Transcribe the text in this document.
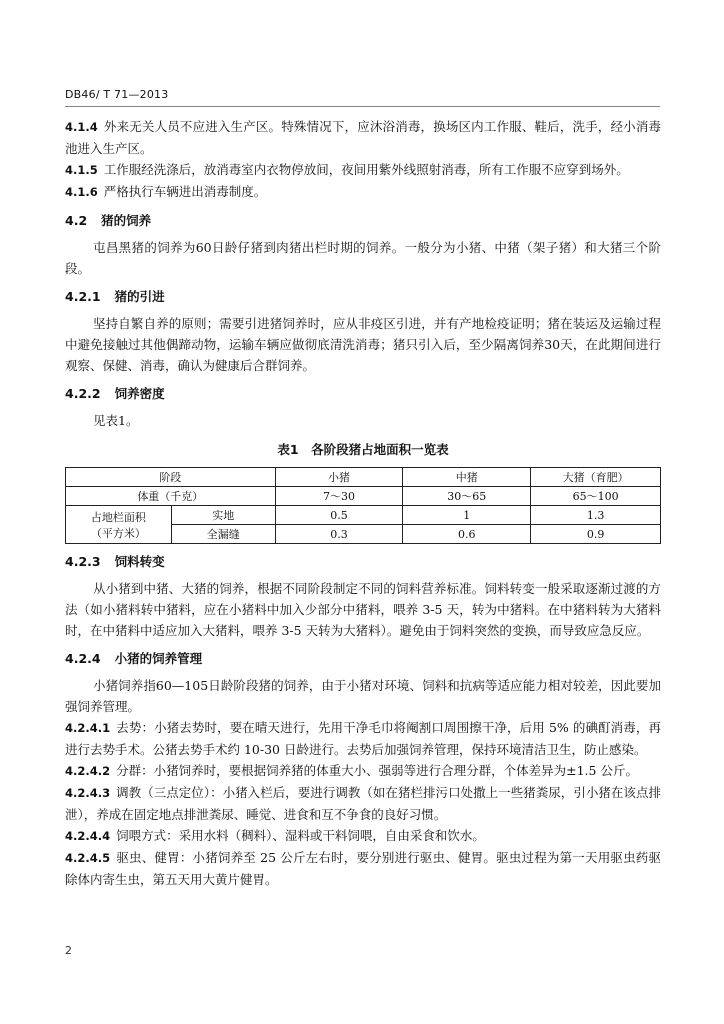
DB46/ T 71—2013

4.1.4 外来无关人员不应进入生产区。特殊情况下，应沐浴消毒，换场区内工作服、鞋后，洗手，经小消毒池进入生产区。

4.1.5 工作服经洗涤后，放消毒室内衣物停放间，夜间用紫外线照射消毒，所有工作服不应穿到场外。

4.1.6 严格执行车辆进出消毒制度。

4.2 猪的饲养

屯昌黑猪的饲养为60日龄仔猪到肉猪出栏时期的饲养。一般分为小猪、中猪（架子猪）和大猪三个阶段。

4.2.1 猪的引进

坚持自繁自养的原则；需要引进猪饲养时，应从非疫区引进，并有产地检疫证明；猪在装运及运输过程中避免接触过其他偶蹄动物，运输车辆应做彻底清洗消毒；猪只引入后，至少隔离饲养30天，在此期间进行观察、保健、消毒，确认为健康后合群饲养。

4.2.2 饲养密度

见表1。

表1　各阶段猪占地面积一览表
阶段		小猪	中猪	大猪（育肥）
体重（千克）		7～30	30～65	65～100

占地栏面积
（平方米）	实地	0.5	1	1.3
	全漏缝	0.3	0.6	0.9
4.2.3 饲料转变

从小猪到中猪、大猪的饲养，根据不同阶段制定不同的饲料营养标准。饲料转变一般采取逐渐过渡的方法（如小猪料转中猪料，应在小猪料中加入少部分中猪料，喂养 3-5 天，转为中猪料。在中猪料转为大猪料时，在中猪料中适应加入大猪料，喂养 3-5 天转为大猪料）。避免由于饲料突然的变换，而导致应急反应。

4.2.4 小猪的饲养管理

小猪饲养指60—105日龄阶段猪的饲养，由于小猪对环境、饲料和抗病等适应能力相对较差，因此要加强饲养管理。

4.2.4.1 去势：小猪去势时，要在晴天进行，先用干净毛巾将阉割口周围擦干净，后用 5% 的碘酊消毒，再进行去势手术。公猪去势手术约 10-30 日龄进行。去势后加强饲养管理，保持环境清洁卫生，防止感染。

4.2.4.2 分群：小猪饲养时，要根据饲养猪的体重大小、强弱等进行合理分群，个体差异为±1.5 公斤。

4.2.4.3 调教（三点定位）：小猪入栏后，要进行调教（如在猪栏排污口处撒上一些猪粪尿，引小猪在该点排泄），养成在固定地点排泄粪尿、睡觉、进食和互不争食的良好习惯。

4.2.4.4 饲喂方式：采用水料（稠料）、湿料或干料饲喂，自由采食和饮水。

4.2.4.5 驱虫、健胃：小猪饲养至 25 公斤左右时，要分别进行驱虫、健胃。驱虫过程为第一天用驱虫药驱除体内寄生虫，第五天用大黄片健胃。

2
